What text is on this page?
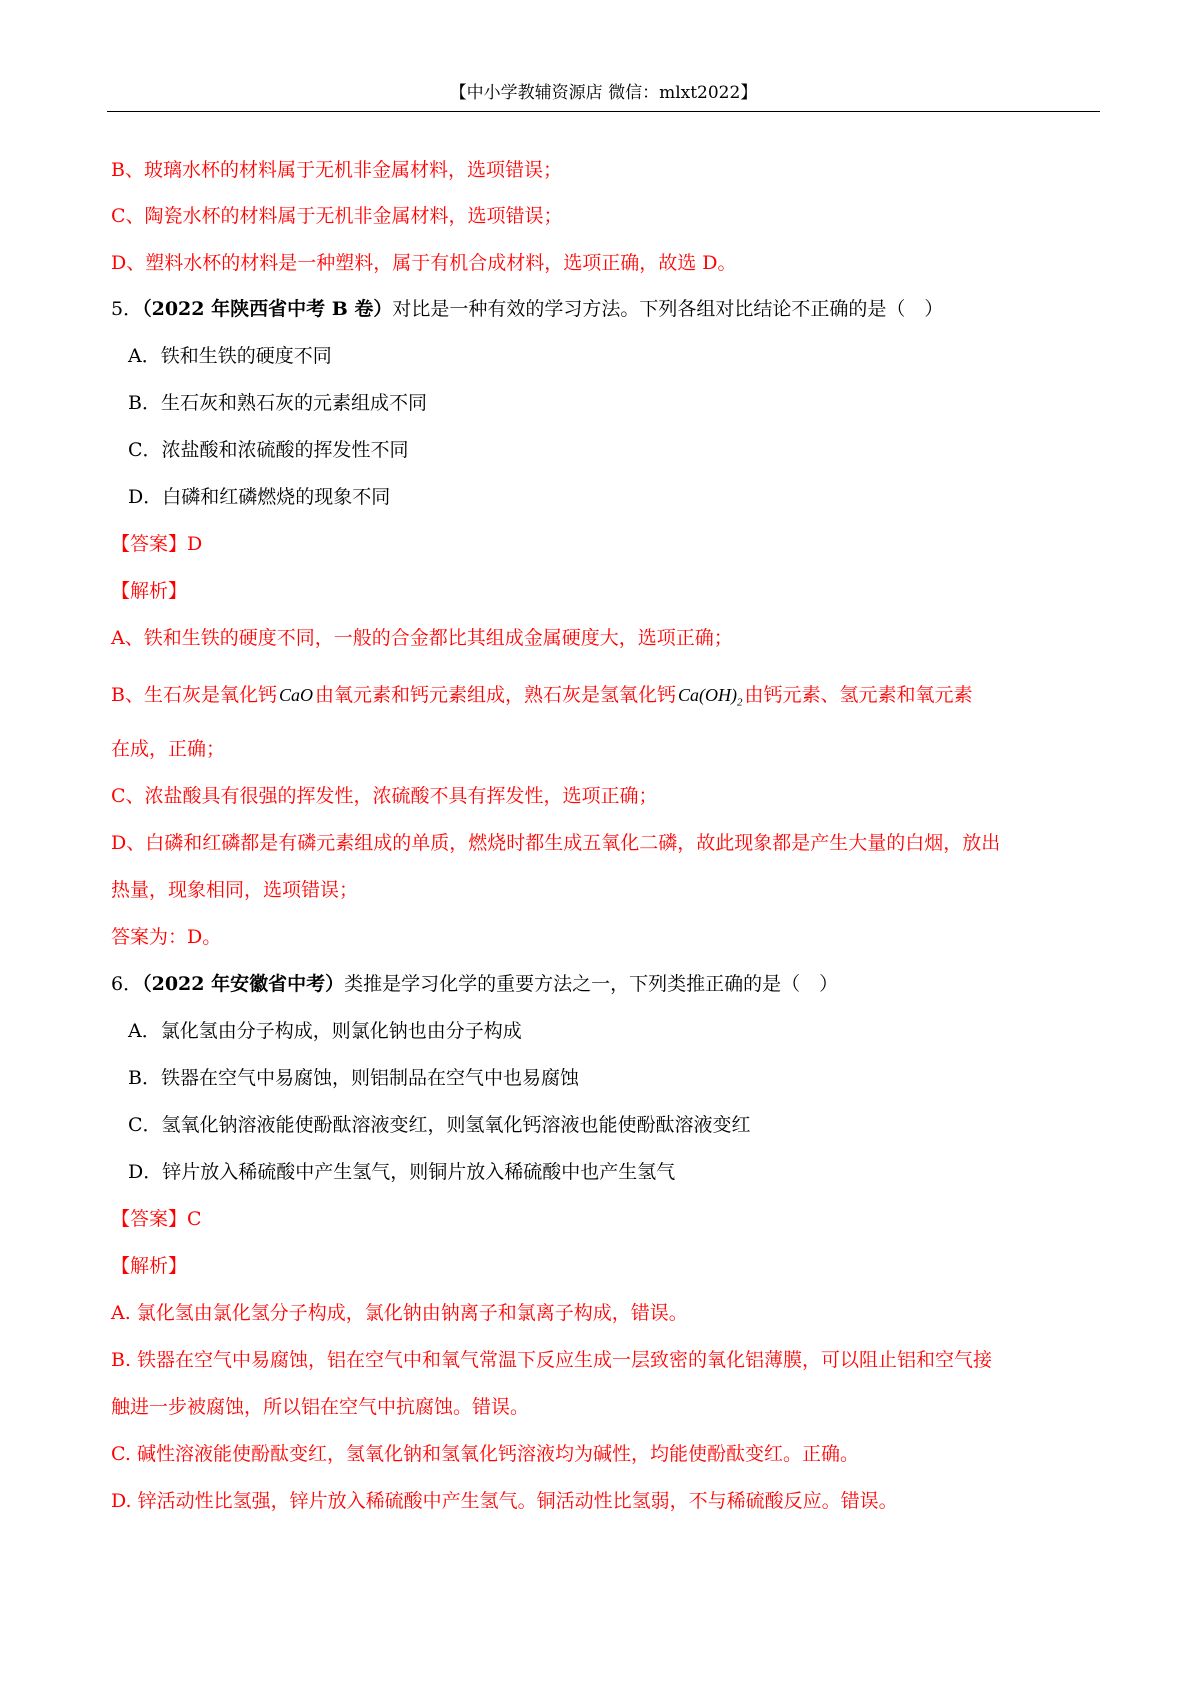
【中小学教辅资源店 微信：mlxt2022】
B、玻璃水杯的材料属于无机非金属材料，选项错误；
C、陶瓷水杯的材料属于无机非金属材料，选项错误；
D、塑料水杯的材料是一种塑料，属于有机合成材料，选项正确，故选 D。
5．（2022 年陕西省中考 B 卷）对比是一种有效的学习方法。下列各组对比结论不正确的是（　）
A．铁和生铁的硬度不同
B．生石灰和熟石灰的元素组成不同
C．浓盐酸和浓硫酸的挥发性不同
D．白磷和红磷燃烧的现象不同
【答案】D
【解析】
A、铁和生铁的硬度不同，一般的合金都比其组成金属硬度大，选项正确；
B、生石灰是氧化钙 CaO 由氧元素和钙元素组成，熟石灰是氢氧化钙 $Ca(OH)_2$ 由钙元素、氢元素和氧元素
在成，正确；
C、浓盐酸具有很强的挥发性，浓硫酸不具有挥发性，选项正确；
D、白磷和红磷都是有磷元素组成的单质，燃烧时都生成五氧化二磷，故此现象都是产生大量的白烟，放出
热量，现象相同，选项错误；
答案为：D。
6．（2022 年安徽省中考）类推是学习化学的重要方法之一，下列类推正确的是（　）
A．氯化氢由分子构成，则氯化钠也由分子构成
B．铁器在空气中易腐蚀，则铝制品在空气中也易腐蚀
C．氢氧化钠溶液能使酚酞溶液变红，则氢氧化钙溶液也能使酚酞溶液变红
D．锌片放入稀硫酸中产生氢气，则铜片放入稀硫酸中也产生氢气
【答案】C
【解析】
A. 氯化氢由氯化氢分子构成，氯化钠由钠离子和氯离子构成，错误。
B. 铁器在空气中易腐蚀，铝在空气中和氧气常温下反应生成一层致密的氧化铝薄膜，可以阻止铝和空气接
触进一步被腐蚀，所以铝在空气中抗腐蚀。错误。
C. 碱性溶液能使酚酞变红，氢氧化钠和氢氧化钙溶液均为碱性，均能使酚酞变红。正确。
D. 锌活动性比氢强，锌片放入稀硫酸中产生氢气。铜活动性比氢弱，不与稀硫酸反应。错误。
